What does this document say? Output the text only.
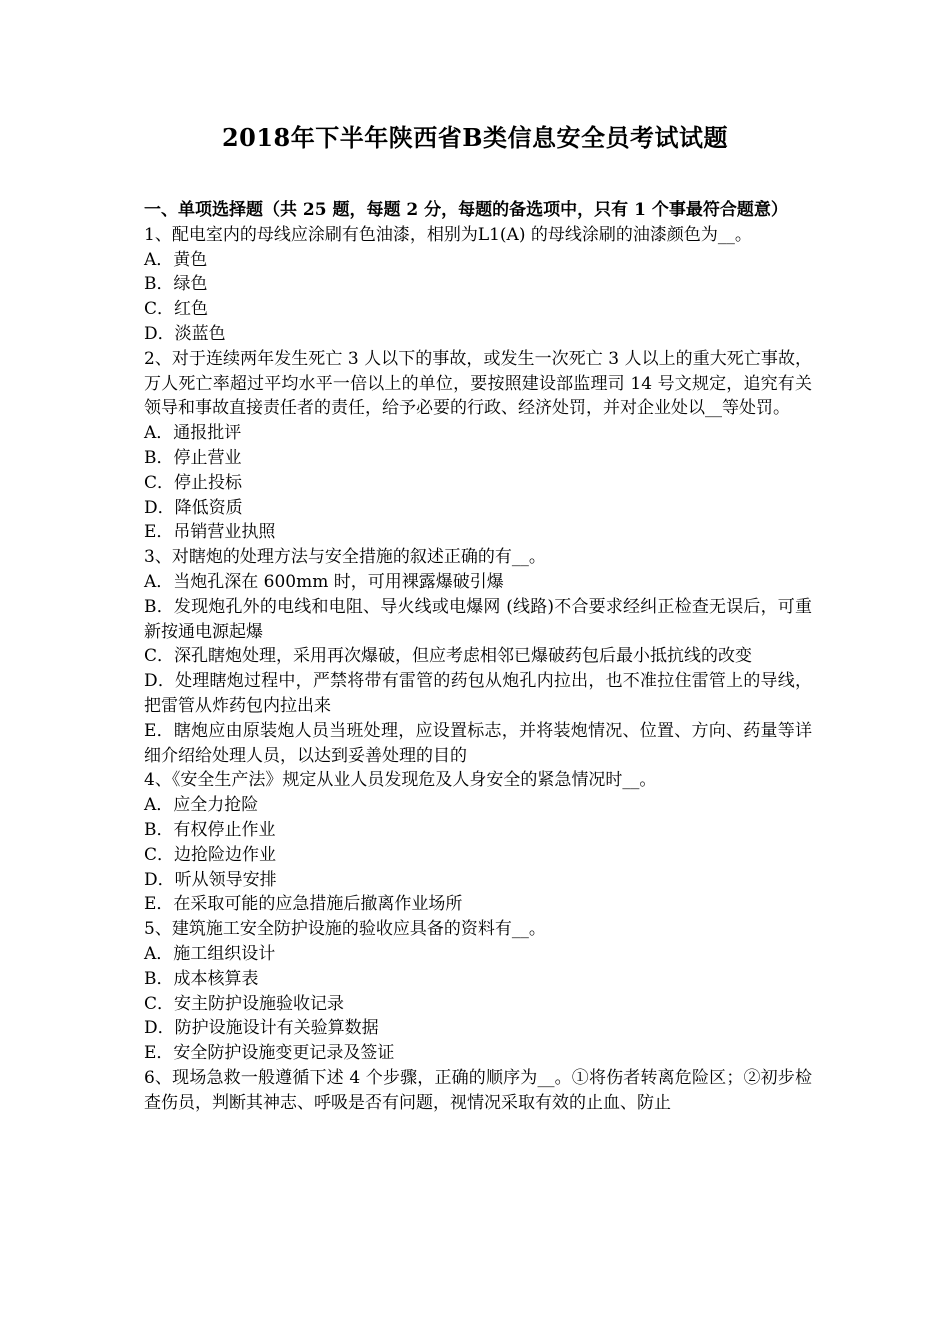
2018年下半年陕西省B类信息安全员考试试题
一、单项选择题（共 25 题，每题 2 分，每题的备选项中，只有 1 个事最符合题意）
1、配电室内的母线应涂刷有色油漆，相别为L1(A) 的母线涂刷的油漆颜色为__。
A．黄色
B．绿色
C．红色
D．淡蓝色
2、对于连续两年发生死亡 3 人以下的事故，或发生一次死亡 3 人以上的重大死亡事故，万人死亡率超过平均水平一倍以上的单位，要按照建设部监理司 14 号文规定，追究有关领导和事故直接责任者的责任，给予必要的行政、经济处罚，并对企业处以__等处罚。
A．通报批评
B．停止营业
C．停止投标
D．降低资质
E．吊销营业执照
3、对瞎炮的处理方法与安全措施的叙述正确的有__。
A．当炮孔深在 600mm 时，可用裸露爆破引爆
B．发现炮孔外的电线和电阻、导火线或电爆网 (线路)不合要求经纠正检查无误后，可重新按通电源起爆
C．深孔瞎炮处理，采用再次爆破，但应考虑相邻已爆破药包后最小抵抗线的改变
D．处理瞎炮过程中，严禁将带有雷管的药包从炮孔内拉出，也不准拉住雷管上的导线，把雷管从炸药包内拉出来
E．瞎炮应由原装炮人员当班处理，应设置标志，并将装炮情况、位置、方向、药量等详细介绍给处理人员，以达到妥善处理的目的
4、《安全生产法》规定从业人员发现危及人身安全的紧急情况时__。
A．应全力抢险
B．有权停止作业
C．边抢险边作业
D．听从领导安排
E．在采取可能的应急措施后撤离作业场所
5、建筑施工安全防护设施的验收应具备的资料有__。
A．施工组织设计
B．成本核算表
C．安主防护设施验收记录
D．防护设施设计有关验算数据
E．安全防护设施变更记录及签证
6、现场急救一般遵循下述 4 个步骤，正确的顺序为__。①将伤者转离危险区；②初步检查伤员，判断其神志、呼吸是否有问题，视情况采取有效的止血、防止
